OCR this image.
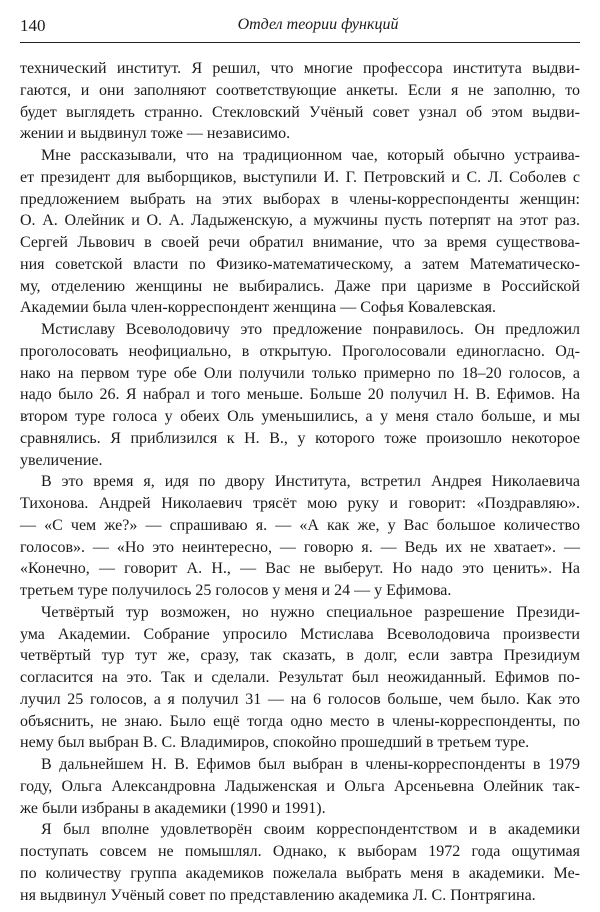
140	Отдел теории функций

технический институт. Я решил, что многие профессора института выдви-
гаются, и они заполняют соответствующие анкеты. Если я не заполню, то
будет выглядеть странно. Стекловский Учёный совет узнал об этом выдви-
жении и выдвинул тоже — независимо.

Мне рассказывали, что на традиционном чае, который обычно устраива-
ет президент для выборщиков, выступили И. Г. Петровский и С. Л. Соболев с
предложением выбрать на этих выборах в члены-корреспонденты женщин:
О. А. Олейник и О. А. Ладыженскую, а мужчины пусть потерпят на этот раз.
Сергей Львович в своей речи обратил внимание, что за время существова-
ния советской власти по Физико-математическому, а затем Математическо-
му, отделению женщины не выбирались. Даже при царизме в Российской
Академии была член-корреспондент женщина — Софья Ковалевская.

Мстиславу Всеволодовичу это предложение понравилось. Он предложил
проголосовать неофициально, в открытую. Проголосовали единогласно. Од-
нако на первом туре обе Оли получили только примерно по 18–20 голосов, а
надо было 26. Я набрал и того меньше. Больше 20 получил Н. В. Ефимов. На
втором туре голоса у обеих Оль уменьшились, а у меня стало больше, и мы
сравнялись. Я приблизился к Н. В., у которого тоже произошло некоторое
увеличение.

В это время я, идя по двору Института, встретил Андрея Николаевича
Тихонова. Андрей Николаевич трясёт мою руку и говорит: «Поздравляю».
— «С чем же?» — спрашиваю я. — «А как же, у Вас большое количество
голосов». — «Но это неинтересно, — говорю я. — Ведь их не хватает». —
«Конечно, — говорит А. Н., — Вас не выберут. Но надо это ценить». На
третьем туре получилось 25 голосов у меня и 24 — у Ефимова.

Четвёртый тур возможен, но нужно специальное разрешение Президи-
ума Академии. Собрание упросило Мстислава Всеволодовича произвести
четвёртый тур тут же, сразу, так сказать, в долг, если завтра Президиум
согласится на это. Так и сделали. Результат был неожиданный. Ефимов по-
лучил 25 голосов, а я получил 31 — на 6 голосов больше, чем было. Как это
объяснить, не знаю. Было ещё тогда одно место в члены-корреспонденты, по
нему был выбран В. С. Владимиров, спокойно прошедший в третьем туре.

В дальнейшем Н. В. Ефимов был выбран в члены-корреспонденты в 1979
году, Ольга Александровна Ладыженская и Ольга Арсеньевна Олейник так-
же были избраны в академики (1990 и 1991).

Я был вполне удовлетворён своим корреспондентством и в академики
поступать совсем не помышлял. Однако, к выборам 1972 года ощутимая
по количеству группа академиков пожелала выбрать меня в академики. Ме-
ня выдвинул Учёный совет по представлению академика Л. С. Понтрягина.
